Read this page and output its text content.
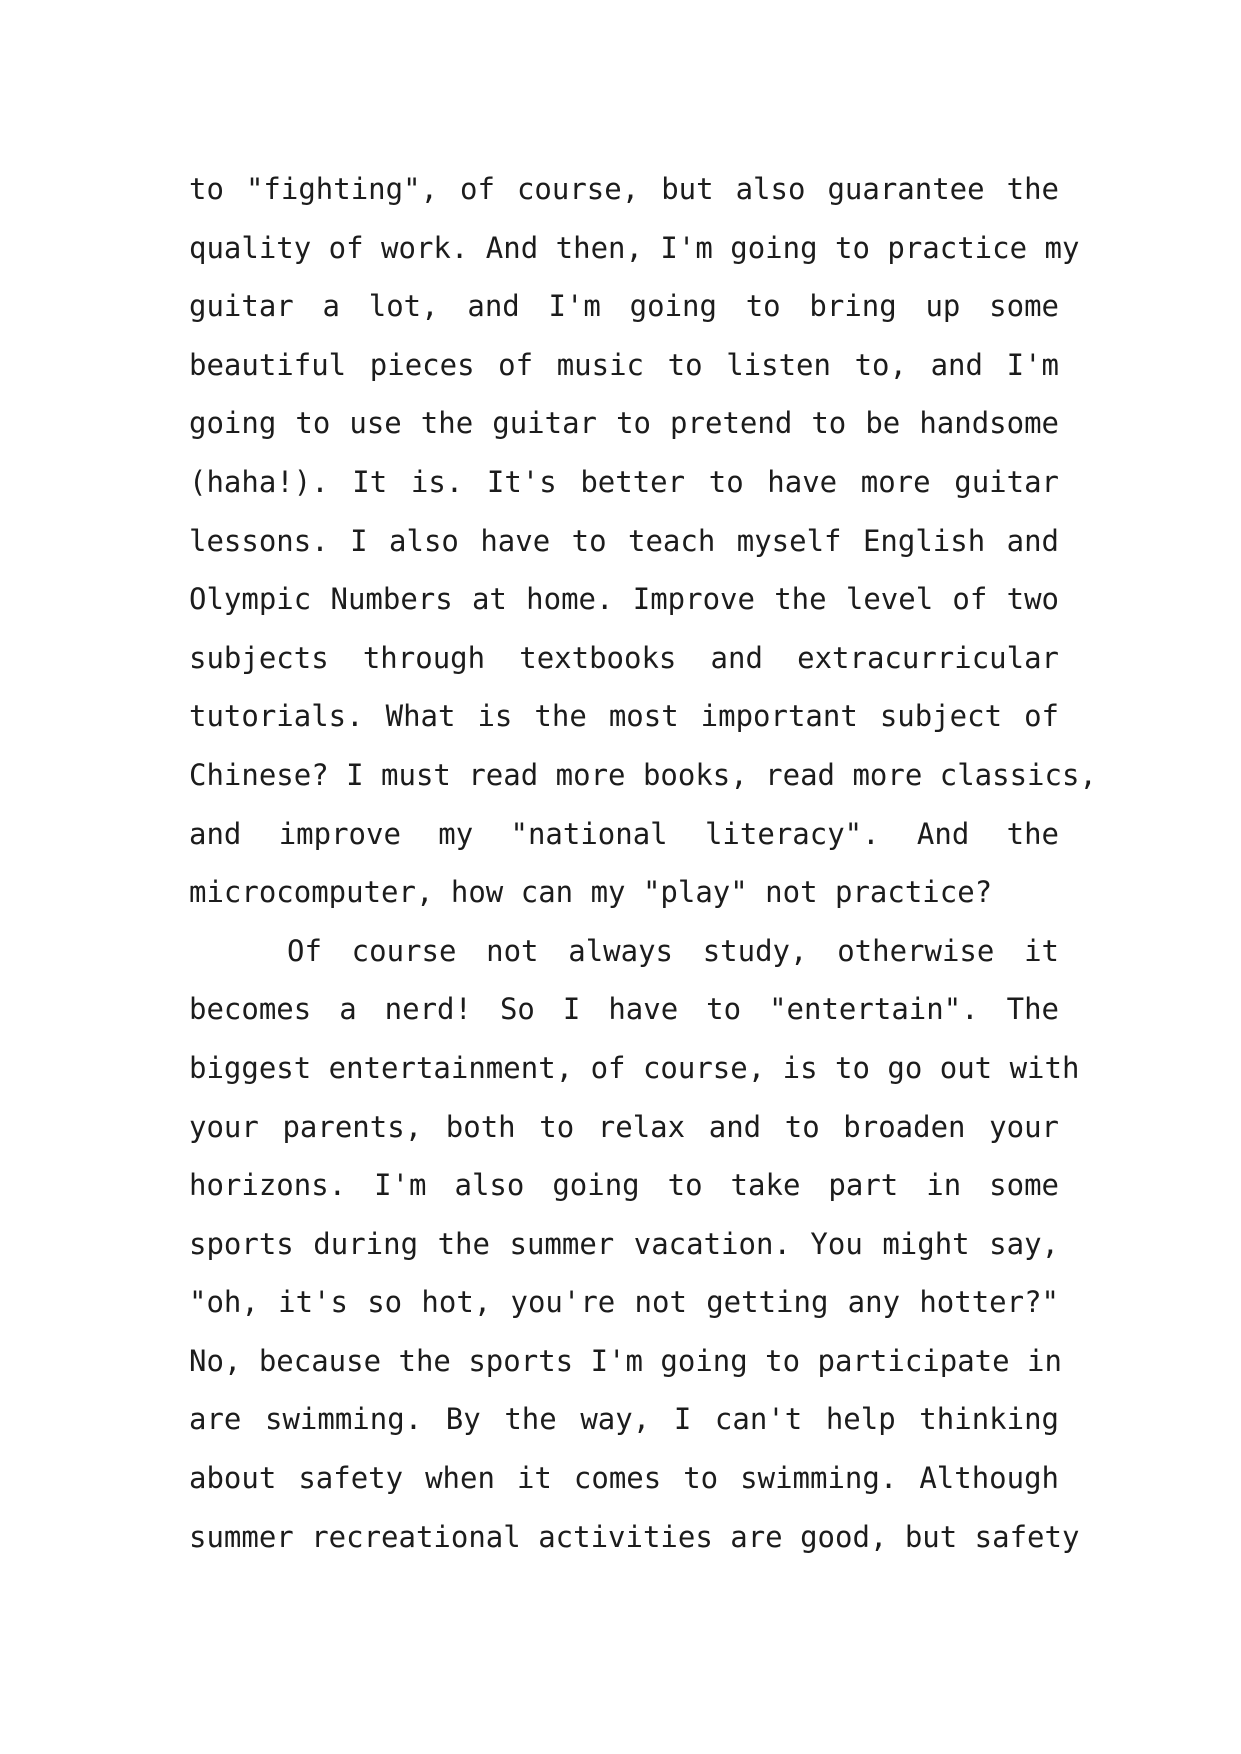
to "fighting", of course, but also guarantee the
quality of work. And then, I'm going to practice my
guitar a lot, and I'm going to bring up some
beautiful pieces of music to listen to, and I'm
going to use the guitar to pretend to be handsome
(haha!). It is. It's better to have more guitar
lessons. I also have to teach myself English and
Olympic Numbers at home. Improve the level of two
subjects through textbooks and extracurricular
tutorials. What is the most important subject of
Chinese? I must read more books, read more classics,
and improve my "national literacy". And the
microcomputer, how can my "play" not practice?
Of course not always study, otherwise it
becomes a nerd! So I have to "entertain". The
biggest entertainment, of course, is to go out with
your parents, both to relax and to broaden your
horizons. I'm also going to take part in some
sports during the summer vacation. You might say,
"oh, it's so hot, you're not getting any hotter?"
No, because the sports I'm going to participate in
are swimming. By the way, I can't help thinking
about safety when it comes to swimming. Although
summer recreational activities are good, but safety
